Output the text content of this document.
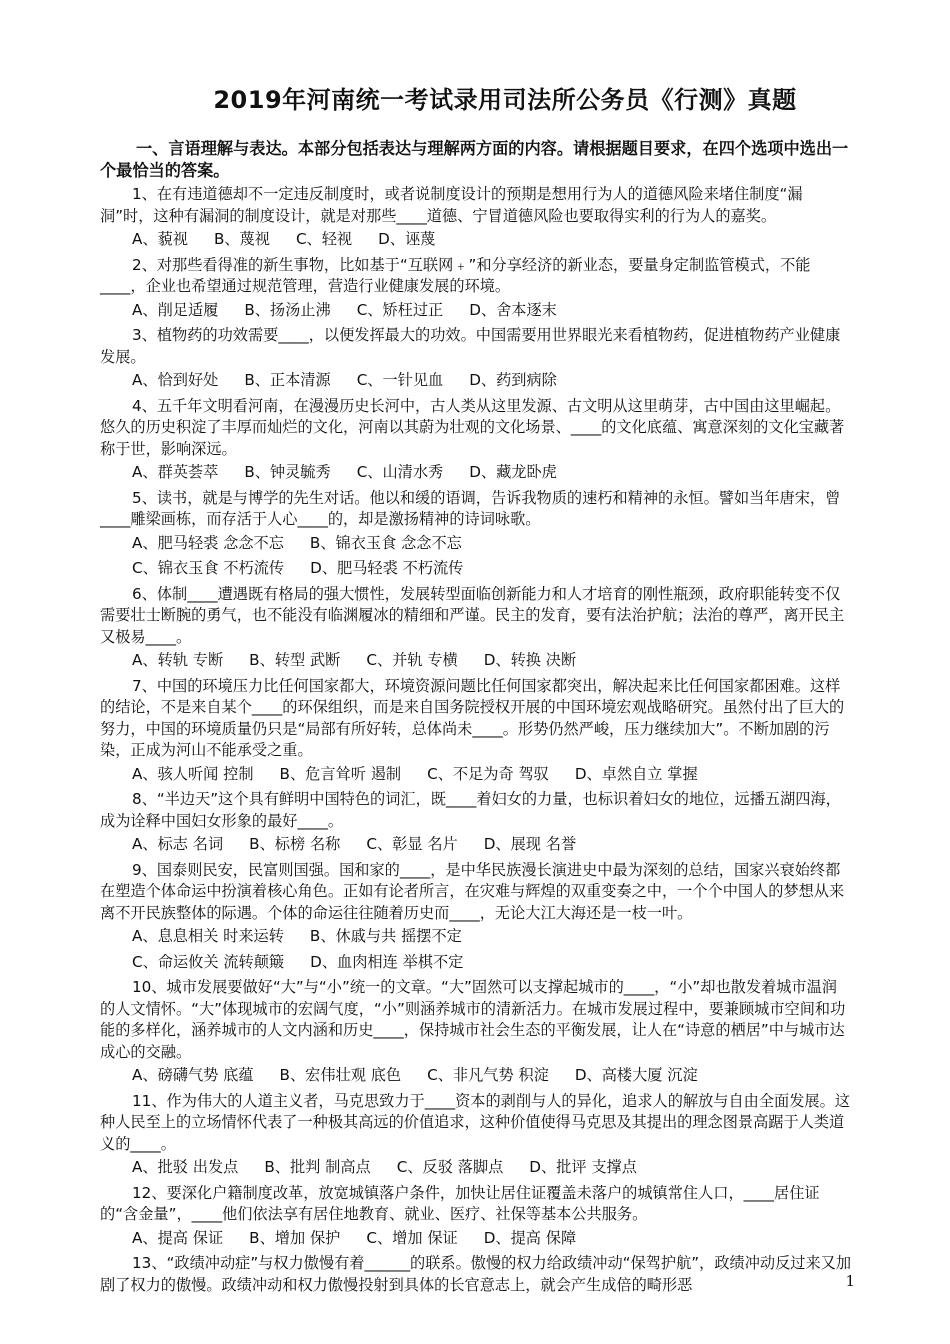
2019年河南统一考试录用司法所公务员《行测》真题
一、言语理解与表达。本部分包括表达与理解两方面的内容。请根据题目要求，在四个选项中选出一个最恰当的答案。

1、在有违道德却不一定违反制度时，或者说制度设计的预期是想用行为人的道德风险来堵住制度“漏洞”时，这种有漏洞的制度设计，就是对那些____道德、宁冒道德风险也要取得实利的行为人的嘉奖。

A、藐视 B、蔑视 C、轻视 D、诬蔑

2、对那些看得准的新生事物，比如基于“互联网﹢”和分享经济的新业态，要量身定制监管模式，不能____，企业也希望通过规范管理，营造行业健康发展的环境。

A、削足适履 B、扬汤止沸 C、矫枉过正 D、舍本逐末

3、植物药的功效需要____，以便发挥最大的功效。中国需要用世界眼光来看植物药，促进植物药产业健康发展。

A、恰到好处 B、正本清源 C、一针见血 D、药到病除

4、五千年文明看河南，在漫漫历史长河中，古人类从这里发源、古文明从这里萌芽，古中国由这里崛起。悠久的历史积淀了丰厚而灿烂的文化，河南以其蔚为壮观的文化场景、____的文化底蕴、寓意深刻的文化宝藏著称于世，影响深远。

A、群英荟萃 B、钟灵毓秀 C、山清水秀 D、藏龙卧虎

5、读书，就是与博学的先生对话。他以和缓的语调，告诉我物质的速朽和精神的永恒。譬如当年唐宋，曾____雕梁画栋，而存活于人心____的，却是激扬精神的诗词咏歌。

A、肥马轻裘 念念不忘 B、锦衣玉食 念念不忘
C、锦衣玉食 不朽流传 D、肥马轻裘 不朽流传

6、体制____遭遇既有格局的强大惯性，发展转型面临创新能力和人才培育的刚性瓶颈，政府职能转变不仅需要壮士断腕的勇气，也不能没有临渊履冰的精细和严谨。民主的发育，要有法治护航；法治的尊严，离开民主又极易____。

A、转轨 专断 B、转型 武断 C、并轨 专横 D、转换 决断

7、中国的环境压力比任何国家都大，环境资源问题比任何国家都突出，解决起来比任何国家都困难。这样的结论，不是来自某个____的环保组织，而是来自国务院授权开展的中国环境宏观战略研究。虽然付出了巨大的努力，中国的环境质量仍只是“局部有所好转，总体尚未____。形势仍然严峻，压力继续加大”。不断加剧的污染，正成为河山不能承受之重。

A、骇人听闻 控制 B、危言耸听 遏制 C、不足为奇 驾驭 D、卓然自立 掌握

8、“半边天”这个具有鲜明中国特色的词汇，既____着妇女的力量，也标识着妇女的地位，远播五湖四海，成为诠释中国妇女形象的最好____。

A、标志 名词 B、标榜 名称 C、彰显 名片 D、展现 名誉

9、国泰则民安，民富则国强。国和家的____，是中华民族漫长演进史中最为深刻的总结，国家兴衰始终都在塑造个体命运中扮演着核心角色。正如有论者所言，在灾难与辉煌的双重变奏之中，一个个中国人的梦想从来离不开民族整体的际遇。个体的命运往往随着历史而____，无论大江大海还是一枝一叶。

A、息息相关 时来运转 B、休戚与共 摇摆不定
C、命运攸关 流转颠簸 D、血肉相连 举棋不定

10、城市发展要做好“大”与“小”统一的文章。“大”固然可以支撑起城市的____，“小”却也散发着城市温润的人文情怀。“大”体现城市的宏阔气度，“小”则涵养城市的清新活力。在城市发展过程中，要兼顾城市空间和功能的多样化，涵养城市的人文内涵和历史____，保持城市社会生态的平衡发展，让人在“诗意的栖居”中与城市达成心的交融。

A、磅礴气势 底蕴 B、宏伟壮观 底色 C、非凡气势 积淀 D、高楼大厦 沉淀

11、作为伟大的人道主义者，马克思致力于____资本的剥削与人的异化，追求人的解放与自由全面发展。这种人民至上的立场情怀代表了一种极其高远的价值追求，这种价值使得马克思及其提出的理念图景高踞于人类道义的____。

A、批驳 出发点 B、批判 制高点 C、反驳 落脚点 D、批评 支撑点

12、要深化户籍制度改革，放宽城镇落户条件，加快让居住证覆盖未落户的城镇常住人口，____居住证的“含金量”，____他们依法享有居住地教育、就业、医疗、社保等基本公共服务。

A、提高 保证 B、增加 保护 C、增加 保证 D、提高 保障

13、“政绩冲动症”与权力傲慢有着______的联系。傲慢的权力给政绩冲动“保驾护航”，政绩冲动反过来又加剧了权力的傲慢。政绩冲动和权力傲慢投射到具体的长官意志上，就会产生成倍的畸形恶	1
